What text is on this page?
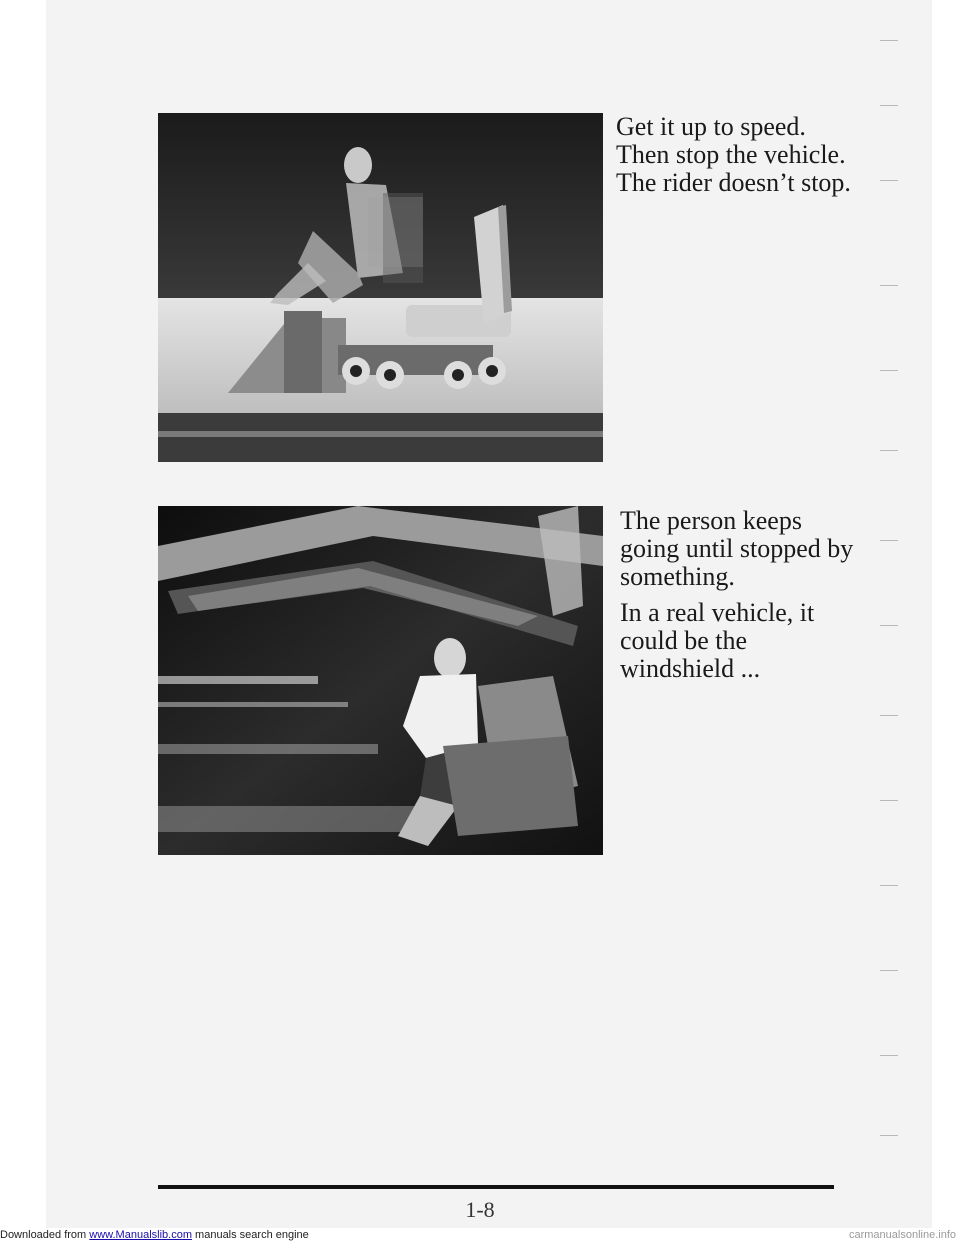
Get it up to speed.

Then stop the vehicle.

The rider doesn’t stop.

The person keeps

going until stopped by

something.

In a real vehicle, it

could be the

windshield ...

1-8
Downloaded from www.Manualslib.com manuals search engine	carmanualsonline.info
